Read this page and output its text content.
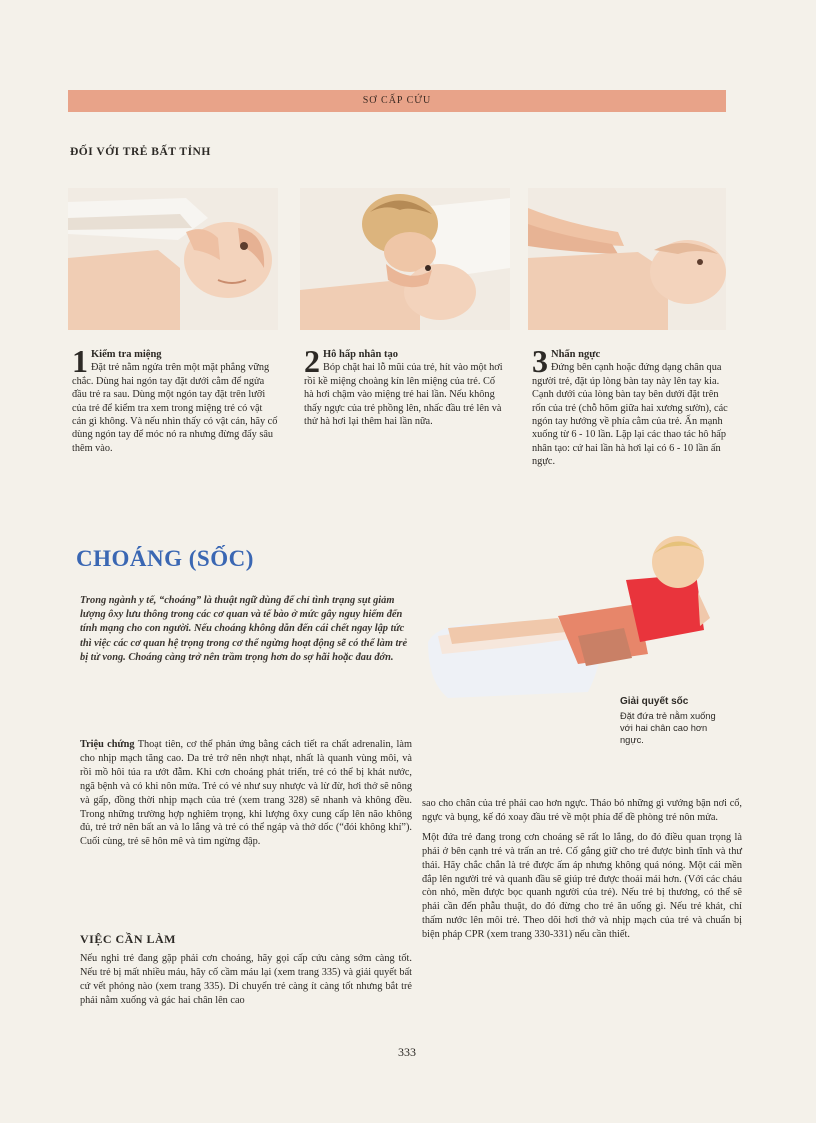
SƠ CẤP CỨU
ĐỐI VỚI TRẺ BẤT TỈNH
1 Kiểm tra miệng

Đặt trẻ nằm ngửa trên một mặt phẳng vững chắc. Dùng hai ngón tay đặt dưới cằm để ngửa đầu trẻ ra sau. Dùng một ngón tay đặt trên lưỡi của trẻ để kiểm tra xem trong miệng trẻ có vật cản gì không. Và nếu nhìn thấy có vật cản, hãy cố dùng ngón tay để móc nó ra nhưng đừng đẩy sâu thêm vào.

2 Hô hấp nhân tạo

Bóp chặt hai lỗ mũi của trẻ, hít vào một hơi rồi kề miệng choàng kín lên miệng của trẻ. Cố hà hơi chậm vào miệng trẻ hai lần. Nếu không thấy ngực của trẻ phồng lên, nhấc đầu trẻ lên và thử hà hơi lại thêm hai lần nữa.

3 Nhấn ngực

Đứng bên cạnh hoặc đứng dạng chân qua người trẻ, đặt úp lòng bàn tay này lên tay kia. Cạnh dưới của lòng bàn tay bên dưới đặt trên rốn của trẻ (chỗ hõm giữa hai xương sườn), các ngón tay hướng về phía cằm của trẻ. Ấn mạnh xuống từ 6 - 10 lần. Lặp lại các thao tác hô hấp nhân tạo: cứ hai lần hà hơi lại có 6 - 10 lần ấn ngực.

CHOÁNG (SỐC)
Trong ngành y tế, “choáng” là thuật ngữ dùng để chỉ tình trạng sụt giảm lượng ôxy lưu thông trong các cơ quan và tế bào ở mức gây nguy hiểm đến tính mạng cho con người. Nếu choáng không dẫn đến cái chết ngay lập tức thì việc các cơ quan hệ trọng trong cơ thể ngừng hoạt động sẽ có thể làm trẻ bị tử vong. Choáng càng trở nên trầm trọng hơn do sợ hãi hoặc đau đớn.
Giải quyết sốc
Đặt đứa trẻ nằm xuống với hai chân cao hơn ngực.

Triệu chứng Thoạt tiên, cơ thể phản ứng bằng cách tiết ra chất adrenalin, làm cho nhịp mạch tăng cao. Da trẻ trở nên nhợt nhạt, nhất là quanh vùng môi, và rồi mồ hôi túa ra ướt đẫm. Khi cơn choáng phát triển, trẻ có thể bị khát nước, ngã bệnh và có khi nôn mửa. Trẻ có vẻ như suy nhược và lừ đừ, hơi thở sẽ nông và gấp, đồng thời nhịp mạch của trẻ (xem trang 328) sẽ nhanh và không đều. Trong những trường hợp nghiêm trọng, khi lượng ôxy cung cấp lên não không đủ, trẻ trở nên bất an và lo lắng và trẻ có thể ngáp và thở dốc (“đói không khí”). Cuối cùng, trẻ sẽ hôn mê và tim ngừng đập.

VIỆC CẦN LÀM

Nếu nghi trẻ đang gặp phải cơn choáng, hãy gọi cấp cứu càng sớm càng tốt. Nếu trẻ bị mất nhiều máu, hãy cố cầm máu lại (xem trang 335) và giải quyết bất cứ vết phỏng nào (xem trang 335). Di chuyển trẻ càng ít càng tốt nhưng bắt trẻ phải nằm xuống và gác hai chân lên cao

sao cho chân của trẻ phải cao hơn ngực. Tháo bỏ những gì vướng bận nơi cổ, ngực và bụng, kế đó xoay đầu trẻ về một phía để đề phòng trẻ nôn mửa.

Một đứa trẻ đang trong cơn choáng sẽ rất lo lắng, do đó điều quan trọng là phải ở bên cạnh trẻ và trấn an trẻ. Cố gắng giữ cho trẻ được bình tĩnh và thư thái. Hãy chắc chắn là trẻ được ấm áp nhưng không quá nóng. Một cái mền đắp lên người trẻ và quanh đầu sẽ giúp trẻ được thoải mái hơn. (Với các cháu còn nhỏ, mền được bọc quanh người của trẻ). Nếu trẻ bị thương, có thể sẽ phải cần đến phẫu thuật, do đó đừng cho trẻ ăn uống gì. Nếu trẻ khát, chỉ thấm nước lên môi trẻ. Theo dõi hơi thở và nhịp mạch của trẻ và chuẩn bị biện pháp CPR (xem trang 330-331) nếu cần thiết.

333
